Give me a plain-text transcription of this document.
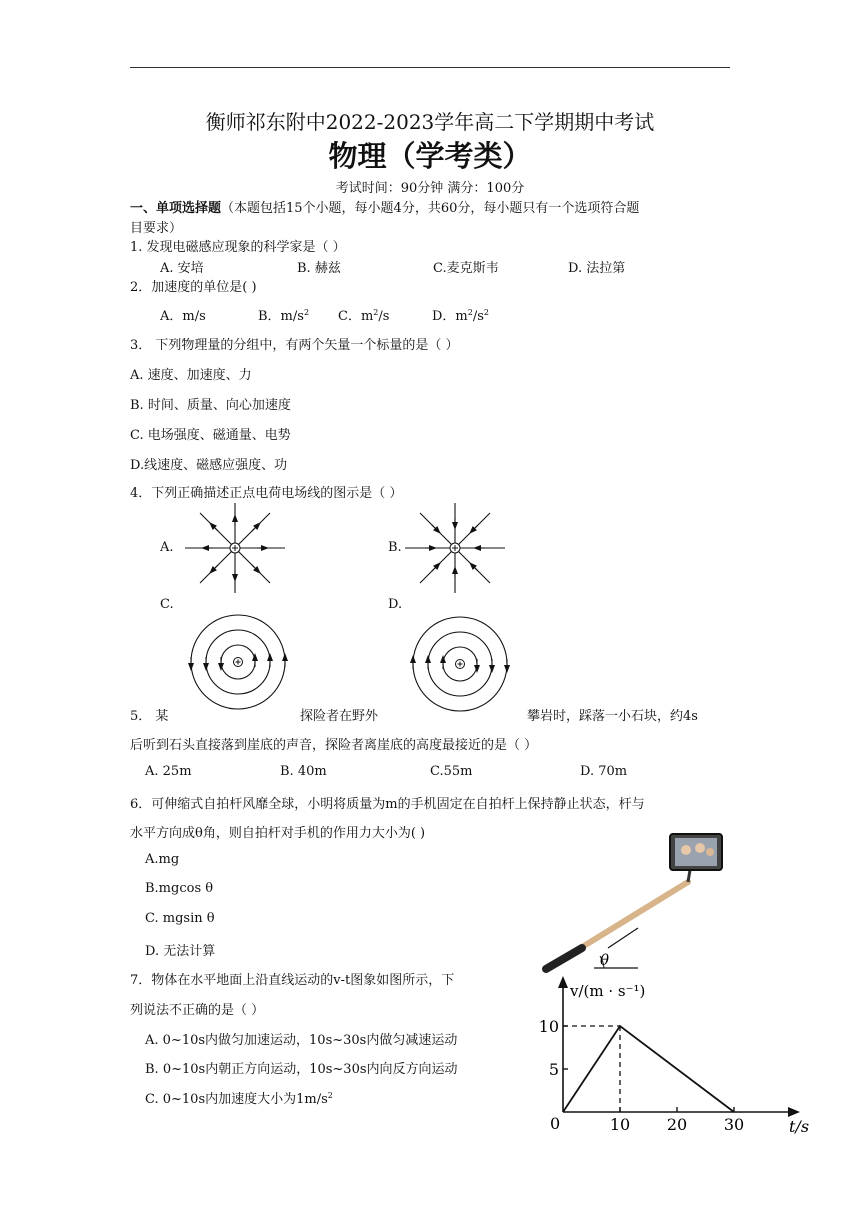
衡师祁东附中2022-2023学年高二下学期期中考试
物理（学考类）
考试时间：90分钟 满分：100分
一、单项选择题（本题包括15个小题，每小题4分，共60分，每小题只有一个选项符合题
目要求）
1. 发现电磁感应现象的科学家是（ ）
A. 安培	B. 赫兹	C.麦克斯韦	D. 法拉第
2．加速度的单位是( )
A．m/s	B．$m/s^2$ C．$m^2/s$	D．$m^2/s^2$
3． 下列物理量的分组中，有两个矢量一个标量的是（ ）
A. 速度、加速度、力
B. 时间、质量、向心加速度
C. 电场强度、磁通量、电势
D.线速度、磁感应强度、功
4．下列正确描述正点电荷电场线的图示是（ ）
A.	B.
C.	D.
5． 某	探险者在野外	攀岩时，踩落一小石块，约4s
后听到石头直接落到崖底的声音，探险者离崖底的高度最接近的是（ ）
A. 25m	B. 40m	C.55m	D. 70m
6．可伸缩式自拍杆风靡全球，小明将质量为m的手机固定在自拍杆上保持静止状态，杆与
水平方向成θ角，则自拍杆对手机的作用力大小为( )
A.mg
B.mgcos θ
C. mgsin θ
D. 无法计算	θ
7．物体在水平地面上沿直线运动的v-t图象如图所示，下
列说法不正确的是（ ）
A. 0~10s内做匀加速运动，10s~30s内做匀减速运动
B. 0~10s内朝正方向运动，10s~30s内向反方向运动
C. 0~10s内加速度大小为$1m/s^2$
v/(m · s⁻¹)
t/s
0	10 20 30
5
10
